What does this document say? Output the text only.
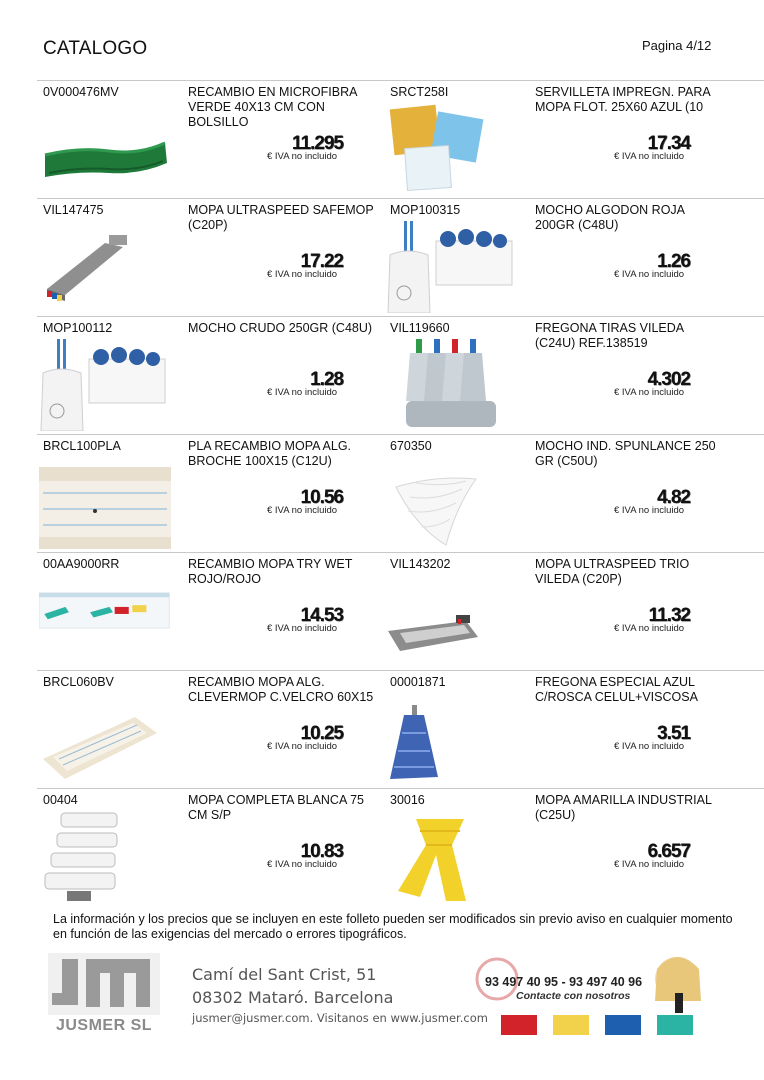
CATALOGO	Pagina 4/12
0V000476MV	RECAMBIO EN MICROFIBRA VERDE 40X13 CM CON BOLSILLO
11.295
€ IVA no incluido
SRCT258I	SERVILLETA IMPREGN. PARA MOPA FLOT. 25X60 AZUL (10
17.34
€ IVA no incluido
VIL147475	MOPA ULTRASPEED SAFEMOP (C20P)
17.22
€ IVA no incluido
MOP100315	MOCHO ALGODON ROJA 200GR (C48U)
1.26
€ IVA no incluido
MOP100112	MOCHO CRUDO 250GR (C48U)
1.28
€ IVA no incluido
VIL119660	FREGONA TIRAS VILEDA (C24U) REF.138519
4.302
€ IVA no incluido
BRCL100PLA	PLA RECAMBIO MOPA ALG. BROCHE 100X15 (C12U)
10.56
€ IVA no incluido
670350	MOCHO IND. SPUNLANCE 250 GR (C50U)
4.82
€ IVA no incluido
00AA9000RR	RECAMBIO MOPA TRY WET ROJO/ROJO
14.53
€ IVA no incluido
VIL143202	MOPA ULTRASPEED TRIO VILEDA (C20P)
11.32
€ IVA no incluido
BRCL060BV	RECAMBIO MOPA ALG. CLEVERMOP C.VELCRO 60X15
10.25
€ IVA no incluido
00001871	FREGONA ESPECIAL AZUL C/ROSCA CELUL+VISCOSA
3.51
€ IVA no incluido
00404	MOPA COMPLETA BLANCA 75 CM S/P
10.83
€ IVA no incluido
30016	MOPA AMARILLA INDUSTRIAL (C25U)
6.657
€ IVA no incluido
La información y los precios que se incluyen en este folleto pueden ser modificados sin previo aviso en cualquier momento en función de las exigencias del mercado o errores tipográficos.
JUSMER SL
Camí del Sant Crist, 51
08302 Mataró. Barcelona
jusmer@jusmer.com. Visitanos en www.jusmer.com
93 497 40 95 - 93 497 40 96
Contacte con nosotros
